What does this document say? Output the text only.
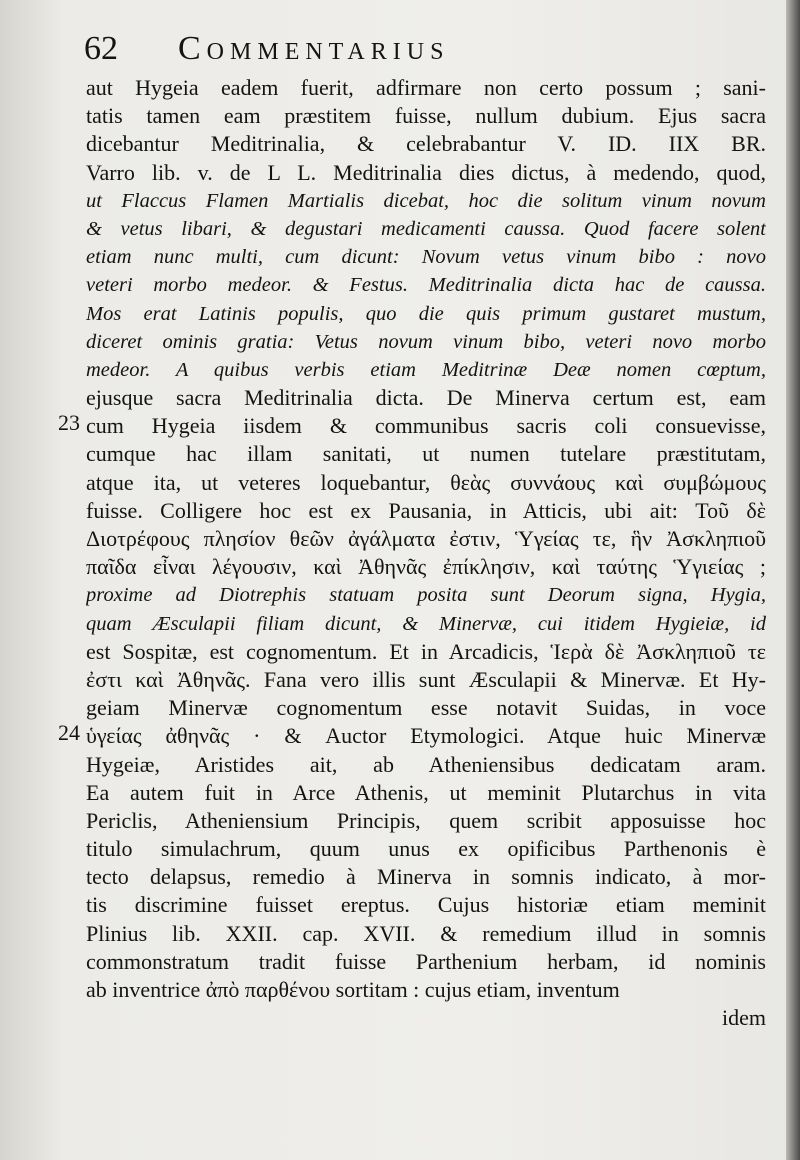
62 Commentarius
23
24
aut Hygeia eadem fuerit, adfirmare non certo possum ; sani-
tatis tamen eam præstitem fuisse, nullum dubium. Ejus sacra
dicebantur Meditrinalia, & celebrabantur V. ID. IIX BR.
Varro lib. v. de L L. Meditrinalia dies dictus, à medendo, quod,
ut Flaccus Flamen Martialis dicebat, hoc die solitum vinum novum
& vetus libari, & degustari medicamenti caussa. Quod facere solent
etiam nunc multi, cum dicunt: Novum vetus vinum bibo : novo
veteri morbo medeor. & Festus. Meditrinalia dicta hac de caussa.
Mos erat Latinis populis, quo die quis primum gustaret mustum,
diceret ominis gratia: Vetus novum vinum bibo, veteri novo morbo
medeor. A quibus verbis etiam Meditrinæ Deæ nomen cœptum,
ejusque sacra Meditrinalia dicta. De Minerva certum est, eam
cum Hygeia iisdem & communibus sacris coli consuevisse,
cumque hac illam sanitati, ut numen tutelare præstitutam,
atque ita, ut veteres loquebantur, θεὰς συννάους καὶ συμβώμους
fuisse. Colligere hoc est ex Pausania, in Atticis, ubi ait: Τοῦ δὲ
Διοτρέφους πλησίον θεῶν ἀγάλματα ἐστιν, Ὑγείας τε, ἣν Ἀσκληπιοῦ
παῖδα εἶναι λέγουσιν, καὶ Ἀθηνᾶς ἐπίκλησιν, καὶ ταύτης Ὑγιείας ;
proxime ad Diotrephis statuam posita sunt Deorum signa, Hygia,
quam Æsculapii filiam dicunt, & Minervæ, cui itidem Hygieiæ, id
est Sospitæ, est cognomentum. Et in Arcadicis, Ἱερὰ δὲ Ἀσκληπιοῦ τε
ἐστι καὶ Ἀθηνᾶς. Fana vero illis sunt Æsculapii & Minervæ. Et Hy-
geiam Minervæ cognomentum esse notavit Suidas, in voce
ὑγείας ἀθηνᾶς · & Auctor Etymologici. Atque huic Minervæ
Hygeiæ, Aristides ait, ab Atheniensibus dedicatam aram.
Ea autem fuit in Arce Athenis, ut meminit Plutarchus in vita
Periclis, Atheniensium Principis, quem scribit apposuisse hoc
titulo simulachrum, quum unus ex opificibus Parthenonis è
tecto delapsus, remedio à Minerva in somnis indicato, à mor-
tis discrimine fuisset ereptus. Cujus historiæ etiam meminit
Plinius lib. XXII. cap. XVII. & remedium illud in somnis
commonstratum tradit fuisse Parthenium herbam, id nominis
ab inventrice ἀπὸ παρθένου sortitam : cujus etiam, inventum
idem
